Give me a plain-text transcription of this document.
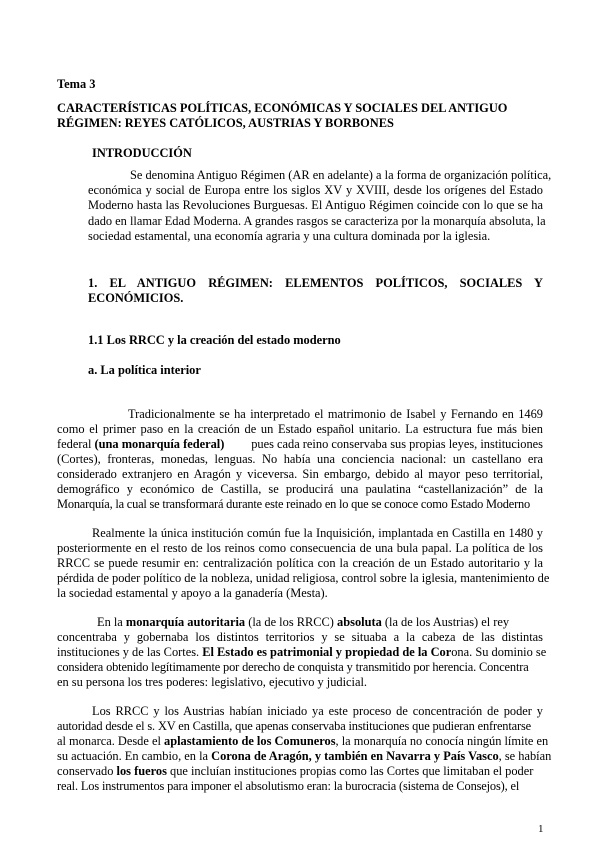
Tema 3
CARACTERÍSTICAS POLÍTICAS, ECONÓMICAS Y SOCIALES DEL ANTIGUO
RÉGIMEN: REYES CATÓLICOS, AUSTRIAS Y BORBONES
INTRODUCCIÓN
Se denomina Antiguo Régimen (AR en adelante) a la forma de organización política,
económica y social de Europa entre los siglos XV y XVIII, desde los orígenes del Estado
Moderno hasta las Revoluciones Burguesas. El Antiguo Régimen coincide con lo que se ha
dado en llamar Edad Moderna. A grandes rasgos se caracteriza por la monarquía absoluta, la
sociedad estamental, una economía agraria y una cultura dominada por la iglesia.
1. EL ANTIGUO RÉGIMEN: ELEMENTOS POLÍTICOS, SOCIALES Y
ECONÓMICIOS.
1.1 Los RRCC y la creación del estado moderno
a. La política interior
Tradicionalmente se ha interpretado el matrimonio de Isabel y Fernando en 1469
como el primer paso en la creación de un Estado español unitario. La estructura fue más bien
federal (una monarquía federal) pues cada reino conservaba sus propias leyes, instituciones
(Cortes), fronteras, monedas, lenguas. No había una conciencia nacional: un castellano era
considerado extranjero en Aragón y viceversa. Sin embargo, debido al mayor peso territorial,
demográfico y económico de Castilla, se producirá una paulatina “castellanización” de la
Monarquía, la cual se transformará durante este reinado en lo que se conoce como Estado Moderno
Realmente la única institución común fue la Inquisición, implantada en Castilla en 1480 y
posteriormente en el resto de los reinos como consecuencia de una bula papal. La política de los
RRCC se puede resumir en: centralización política con la creación de un Estado autoritario y la
pérdida de poder político de la nobleza, unidad religiosa, control sobre la iglesia, mantenimiento de
la sociedad estamental y apoyo a la ganadería (Mesta).
En la monarquía autoritaria (la de los RRCC) absoluta (la de los Austrias) el rey
concentraba y gobernaba los distintos territorios y se situaba a la cabeza de las distintas
instituciones y de las Cortes. El Estado es patrimonial y propiedad de la Corona. Su dominio se
considera obtenido legítimamente por derecho de conquista y transmitido por herencia. Concentra
en su persona los tres poderes: legislativo, ejecutivo y judicial.
Los RRCC y los Austrias habían iniciado ya este proceso de concentración de poder y
autoridad desde el s. XV en Castilla, que apenas conservaba instituciones que pudieran enfrentarse
al monarca. Desde el aplastamiento de los Comuneros, la monarquía no conocía ningún límite en
su actuación. En cambio, en la Corona de Aragón, y también en Navarra y País Vasco, se habían
conservado los fueros que incluían instituciones propias como las Cortes que limitaban el poder
real. Los instrumentos para imponer el absolutismo eran: la burocracia (sistema de Consejos), el
1
